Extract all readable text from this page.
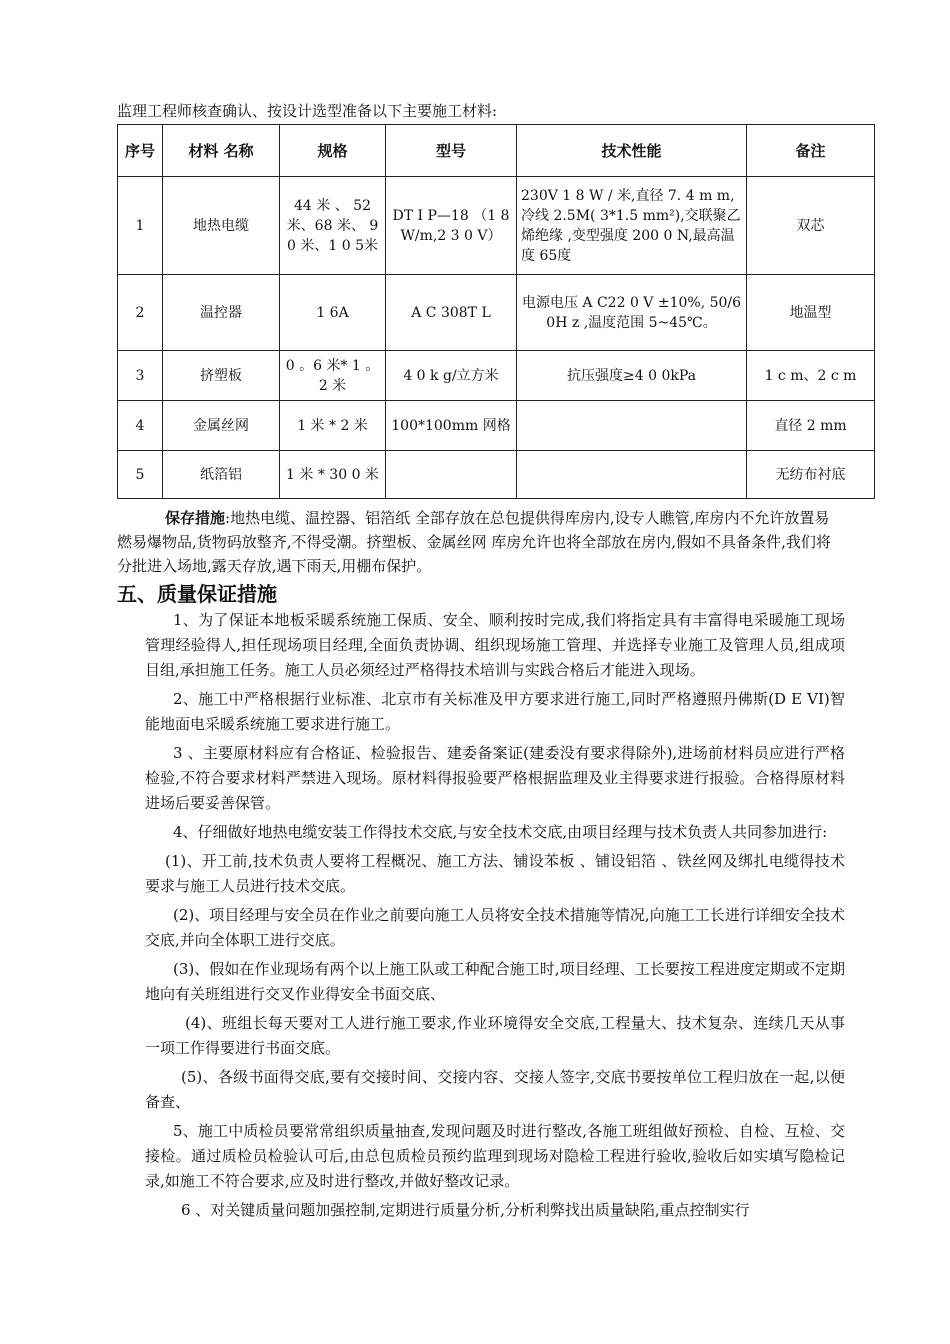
监理工程师核查确认、按设计选型准备以下主要施工材料:
序号	材料 名称	规格	型号	技术性能	备注
1	地热电缆	44 米 、 52 米、68 米、 9 0 米、1 0 5米	DT I P—18 （1 8W/m,2 3 0 V）	230V 1 8 W / 米,直径 7. 4 m m,冷线 2.5M( 3*1.5 mm²),交联聚乙烯绝缘 ,变型强度 200 0 N,最高温度 65度	双芯
2	温控器	1 6A	A C 308T L	电源电压 A C22 0 V ±10%, 50/60H z ,温度范围 5~45℃。	地温型
3	挤塑板	0 。6 米* 1 。2 米	4 0 k g/立方米	抗压强度≥4 0 0kPa	1 c m、2 c m
4	金属丝网	1 米 * 2 米	100*100mm 网格		直径 2 mm
5	纸箔铝	1 米 * 30 0 米			无纺布衬底
保存措施:地热电缆、温控器、铝箔纸 全部存放在总包提供得库房内,设专人瞧管,库房内不允许放置易燃易爆物品,货物码放整齐,不得受潮。挤塑板、金属丝网 库房允许也将全部放在房内,假如不具备条件,我们将分批进入场地,露天存放,遇下雨天,用棚布保护。
五、质量保证措施

1、为了保证本地板采暖系统施工保质、安全、顺利按时完成,我们将指定具有丰富得电采暖施工现场管理经验得人,担任现场项目经理,全面负责协调、组织现场施工管理、并选择专业施工及管理人员,组成项目组,承担施工任务。施工人员必须经过严格得技术培训与实践合格后才能进入现场。

2、施工中严格根据行业标准、北京市有关标准及甲方要求进行施工,同时严格遵照丹佛斯(D E VI)智能地面电采暖系统施工要求进行施工。

3 、主要原材料应有合格证、检验报告、建委备案证(建委没有要求得除外),进场前材料员应进行严格检验,不符合要求材料严禁进入现场。原材料得报验要严格根据监理及业主得要求进行报验。合格得原材料进场后要妥善保管。

4、仔细做好地热电缆安装工作得技术交底,与安全技术交底,由项目经理与技术负责人共同参加进行:

(1)、开工前,技术负责人要将工程概况、施工方法、铺设苯板 、铺设铝箔 、铁丝网及绑扎电缆得技术要求与施工人员进行技术交底。

(2)、项目经理与安全员在作业之前要向施工人员将安全技术措施等情况,向施工工长进行详细安全技术交底,并向全体职工进行交底。

(3)、假如在作业现场有两个以上施工队或工种配合施工时,项目经理、工长要按工程进度定期或不定期地向有关班组进行交叉作业得安全书面交底、

(4)、班组长每天要对工人进行施工要求,作业环境得安全交底,工程量大、技术复杂、连续几天从事一项工作得要进行书面交底。

(5)、各级书面得交底,要有交接时间、交接内容、交接人签字,交底书要按单位工程归放在一起,以便备查、

5、施工中质检员要常常组织质量抽查,发现问题及时进行整改,各施工班组做好预检、自检、互检、交接检。通过质检员检验认可后,由总包质检员预约监理到现场对隐检工程进行验收,验收后如实填写隐检记录,如施工不符合要求,应及时进行整改,并做好整改记录。

6 、对关键质量问题加强控制,定期进行质量分析,分析利弊找出质量缺陷,重点控制实行
